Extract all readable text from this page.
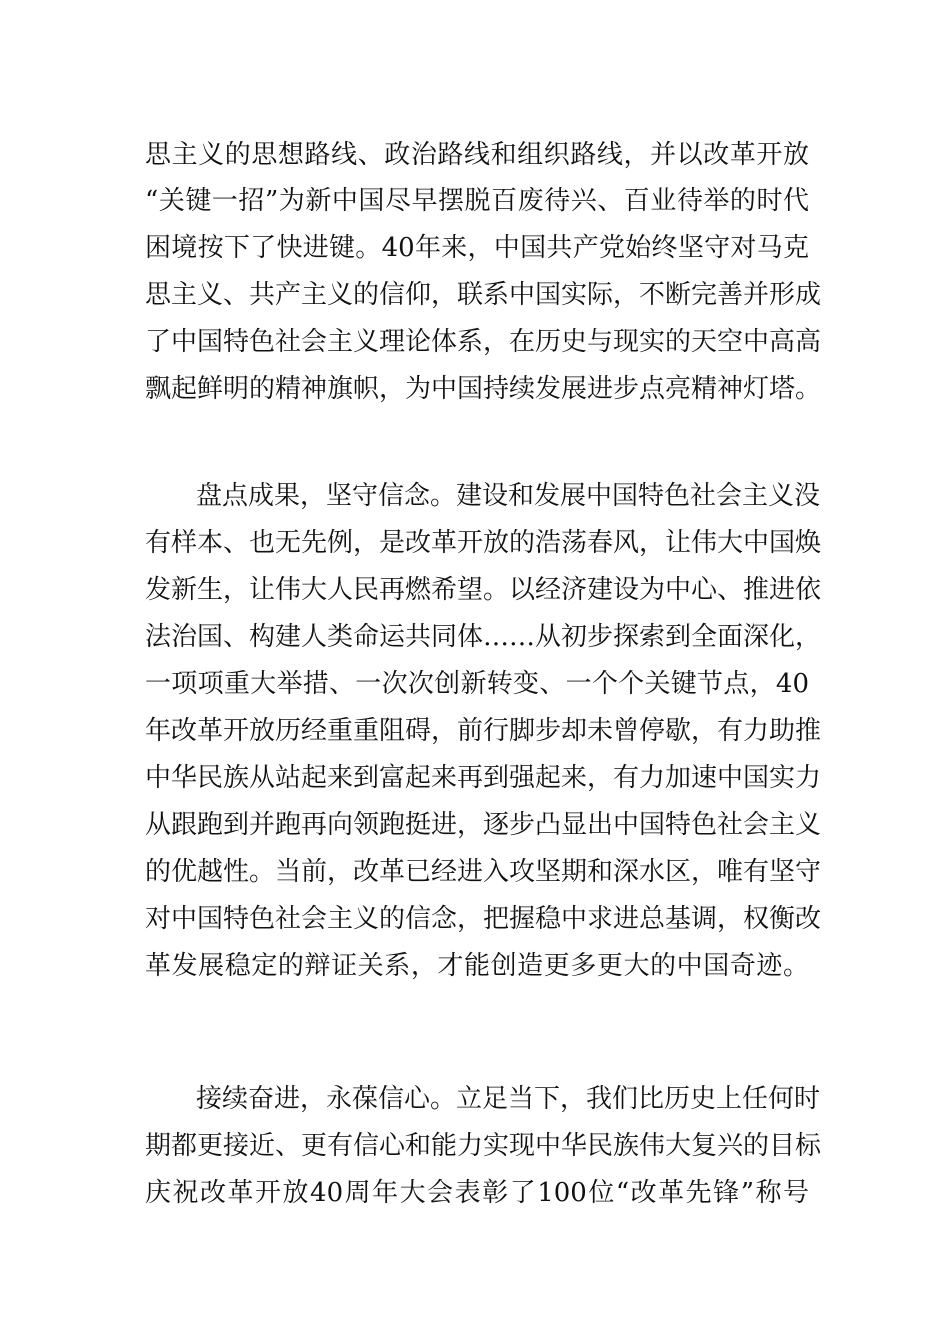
思主义的思想路线、政治路线和组织路线，并以改革开放
“关键一招”为新中国尽早摆脱百废待兴、百业待举的时代
困境按下了快进键。40年来，中国共产党始终坚守对马克
思主义、共产主义的信仰，联系中国实际，不断完善并形成
了中国特色社会主义理论体系，在历史与现实的天空中高高
飘起鲜明的精神旗帜，为中国持续发展进步点亮精神灯塔。
盘点成果，坚守信念。建设和发展中国特色社会主义没
有样本、也无先例，是改革开放的浩荡春风，让伟大中国焕
发新生，让伟大人民再燃希望。以经济建设为中心、推进依
法治国、构建人类命运共同体……从初步探索到全面深化，
一项项重大举措、一次次创新转变、一个个关键节点，40
年改革开放历经重重阻碍，前行脚步却未曾停歇，有力助推
中华民族从站起来到富起来再到强起来，有力加速中国实力
从跟跑到并跑再向领跑挺进，逐步凸显出中国特色社会主义
的优越性。当前，改革已经进入攻坚期和深水区，唯有坚守
对中国特色社会主义的信念，把握稳中求进总基调，权衡改
革发展稳定的辩证关系，才能创造更多更大的中国奇迹。
接续奋进，永葆信心。立足当下，我们比历史上任何时
期都更接近、更有信心和能力实现中华民族伟大复兴的目标
庆祝改革开放40周年大会表彰了100位“改革先锋”称号
